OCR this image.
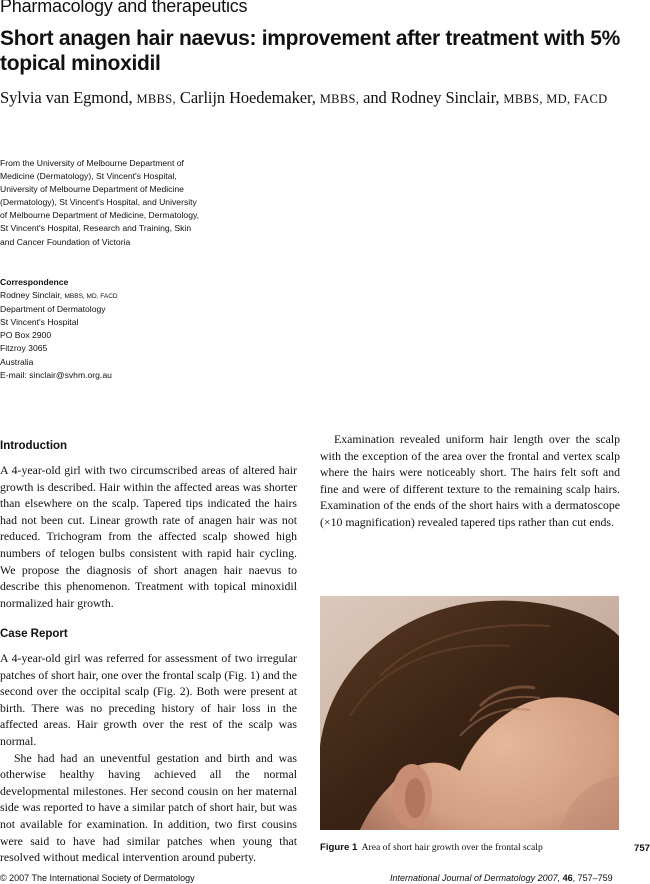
Pharmacology and therapeutics
Short anagen hair naevus: improvement after treatment with 5% topical minoxidil
Sylvia van Egmond, MBBS, Carlijn Hoedemaker, MBBS, and Rodney Sinclair, MBBS, MD, FACD
From the University of Melbourne Department of Medicine (Dermatology), St Vincent's Hospital, University of Melbourne Department of Medicine (Dermatology), St Vincent's Hospital, and University of Melbourne Department of Medicine, Dermatology, St Vincent's Hospital, Research and Training, Skin and Cancer Foundation of Victoria
Correspondence
Rodney Sinclair, MBBS, MD, FACD
Department of Dermatology
St Vincent's Hospital
PO Box 2900
Fitzroy 3065
Australia
E-mail: sinclair@svhm.org.au
Introduction

A 4-year-old girl with two circumscribed areas of altered hair growth is described. Hair within the affected areas was shorter than elsewhere on the scalp. Tapered tips indicated the hairs had not been cut. Linear growth rate of anagen hair was not reduced. Trichogram from the affected scalp showed high numbers of telogen bulbs consistent with rapid hair cycling. We propose the diagnosis of short anagen hair naevus to describe this phenomenon. Treatment with topical minoxidil normalized hair growth.

Case Report

A 4-year-old girl was referred for assessment of two irregular patches of short hair, one over the frontal scalp (Fig. 1) and the second over the occipital scalp (Fig. 2). Both were present at birth. There was no preceding history of hair loss in the affected areas. Hair growth over the rest of the scalp was normal.

She had had an uneventful gestation and birth and was otherwise healthy having achieved all the normal developmental milestones. Her second cousin on her maternal side was reported to have a similar patch of short hair, but was not available for examination. In addition, two first cousins were said to have had similar patches when young that resolved without medical intervention around puberty.

Examination revealed uniform hair length over the scalp with the exception of the area over the frontal and vertex scalp where the hairs were noticeably short. The hairs felt soft and fine and were of different texture to the remaining scalp hairs. Examination of the ends of the short hairs with a dermatoscope (×10 magnification) revealed tapered tips rather than cut ends.

Figure 1 Area of short hair growth over the frontal scalp	757
© 2007 The International Society of Dermatology	International Journal of Dermatology 2007, 46, 757–759
